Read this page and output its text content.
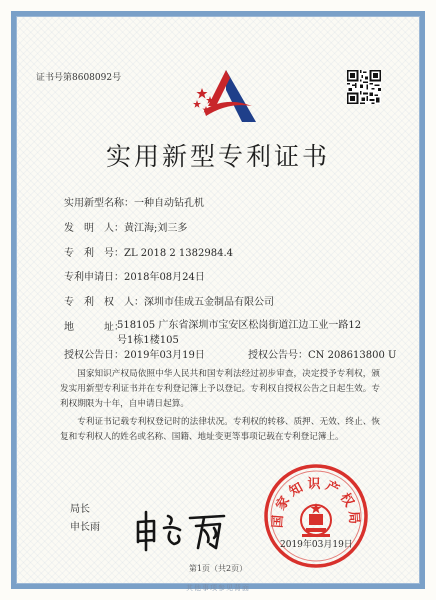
证书号第8608092号
实用新型专利证书
实用新型名称：一种自动钻孔机
发　明　人：黄江海;刘三多
专　利　号：ZL 2018 2 1382984.4
专利申请日：2018年08月24日
专　利　权　人：深圳市佳成五金制品有限公司
地　　　址：
518105 广东省深圳市宝安区松岗街道江边工业一路12号1栋1楼105
授权公告日：2019年03月19日	授权公告号：CN 208613800 U
国家知识产权局依照中华人民共和国专利法经过初步审查，决定授予专利权，颁发实用新型专利证书并在专利登记簿上予以登记。专利权自授权公告之日起生效。专利权期限为十年，自申请日起算。
专利证书记载专利权登记时的法律状况。专利权的转移、质押、无效、终止、恢复和专利权人的姓名或名称、国籍、地址变更等事项记载在专利登记簿上。
局长
申长雨	国家知识产权局
2019年03月19日
第1页（共2页）
其他事项参见背面
